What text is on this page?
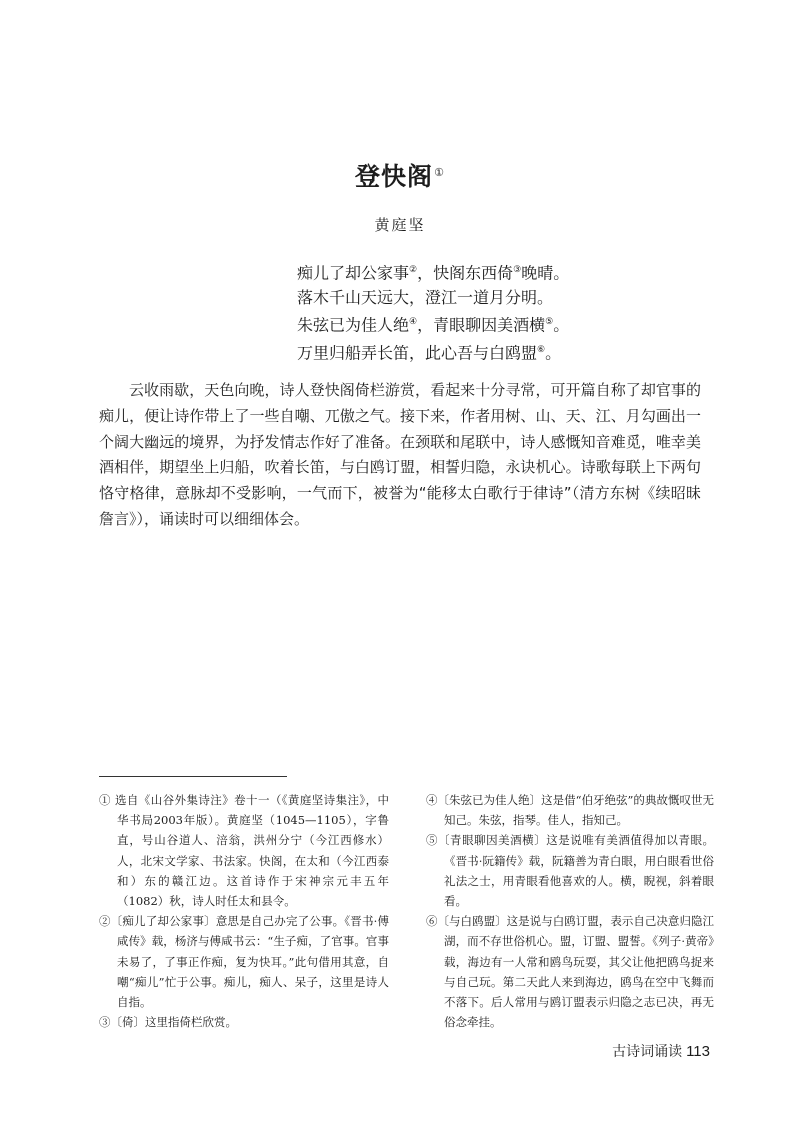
登快阁①
黄庭坚
痴儿了却公家事②，快阁东西倚③晚晴。
落木千山天远大，澄江一道月分明。
朱弦已为佳人绝④，青眼聊因美酒横⑤。
万里归船弄长笛，此心吾与白鸥盟⑥。
云收雨歇，天色向晚，诗人登快阁倚栏游赏，看起来十分寻常，可开篇自称了却官事的痴儿，便让诗作带上了一些自嘲、兀傲之气。接下来，作者用树、山、天、江、月勾画出一个阔大幽远的境界，为抒发情志作好了准备。在颈联和尾联中，诗人感慨知音难觅，唯幸美酒相伴，期望坐上归船，吹着长笛，与白鸥订盟，相誓归隐，永诀机心。诗歌每联上下两句恪守格律，意脉却不受影响，一气而下，被誉为“能移太白歌行于律诗”（清方东树《续昭昧詹言》），诵读时可以细细体会。
① 选自《山谷外集诗注》卷十一（《黄庭坚诗集注》，中华书局2003年版）。黄庭坚（1045—1105），字鲁直，号山谷道人、涪翁，洪州分宁（今江西修水）人，北宋文学家、书法家。快阁，在太和（今江西泰和）东的赣江边。这首诗作于宋神宗元丰五年（1082）秋，诗人时任太和县令。
②〔痴儿了却公家事〕意思是自己办完了公事。《晋书·傅咸传》载，杨济与傅咸书云：“生子痴，了官事。官事未易了，了事正作痴，复为快耳。”此句借用其意，自嘲“痴儿”忙于公事。痴儿，痴人、呆子，这里是诗人自指。
③〔倚〕这里指倚栏欣赏。
④〔朱弦已为佳人绝〕这是借“伯牙绝弦”的典故慨叹世无知己。朱弦，指琴。佳人，指知己。
⑤〔青眼聊因美酒横〕这是说唯有美酒值得加以青眼。《晋书·阮籍传》载，阮籍善为青白眼，用白眼看世俗礼法之士，用青眼看他喜欢的人。横，睨视，斜着眼看。
⑥〔与白鸥盟〕这是说与白鸥订盟，表示自己决意归隐江湖，而不存世俗机心。盟，订盟、盟誓。《列子·黄帝》载，海边有一人常和鸥鸟玩耍，其父让他把鸥鸟捉来与自己玩。第二天此人来到海边，鸥鸟在空中飞舞而不落下。后人常用与鸥订盟表示归隐之志已决，再无俗念牵挂。
古诗词诵读 113
